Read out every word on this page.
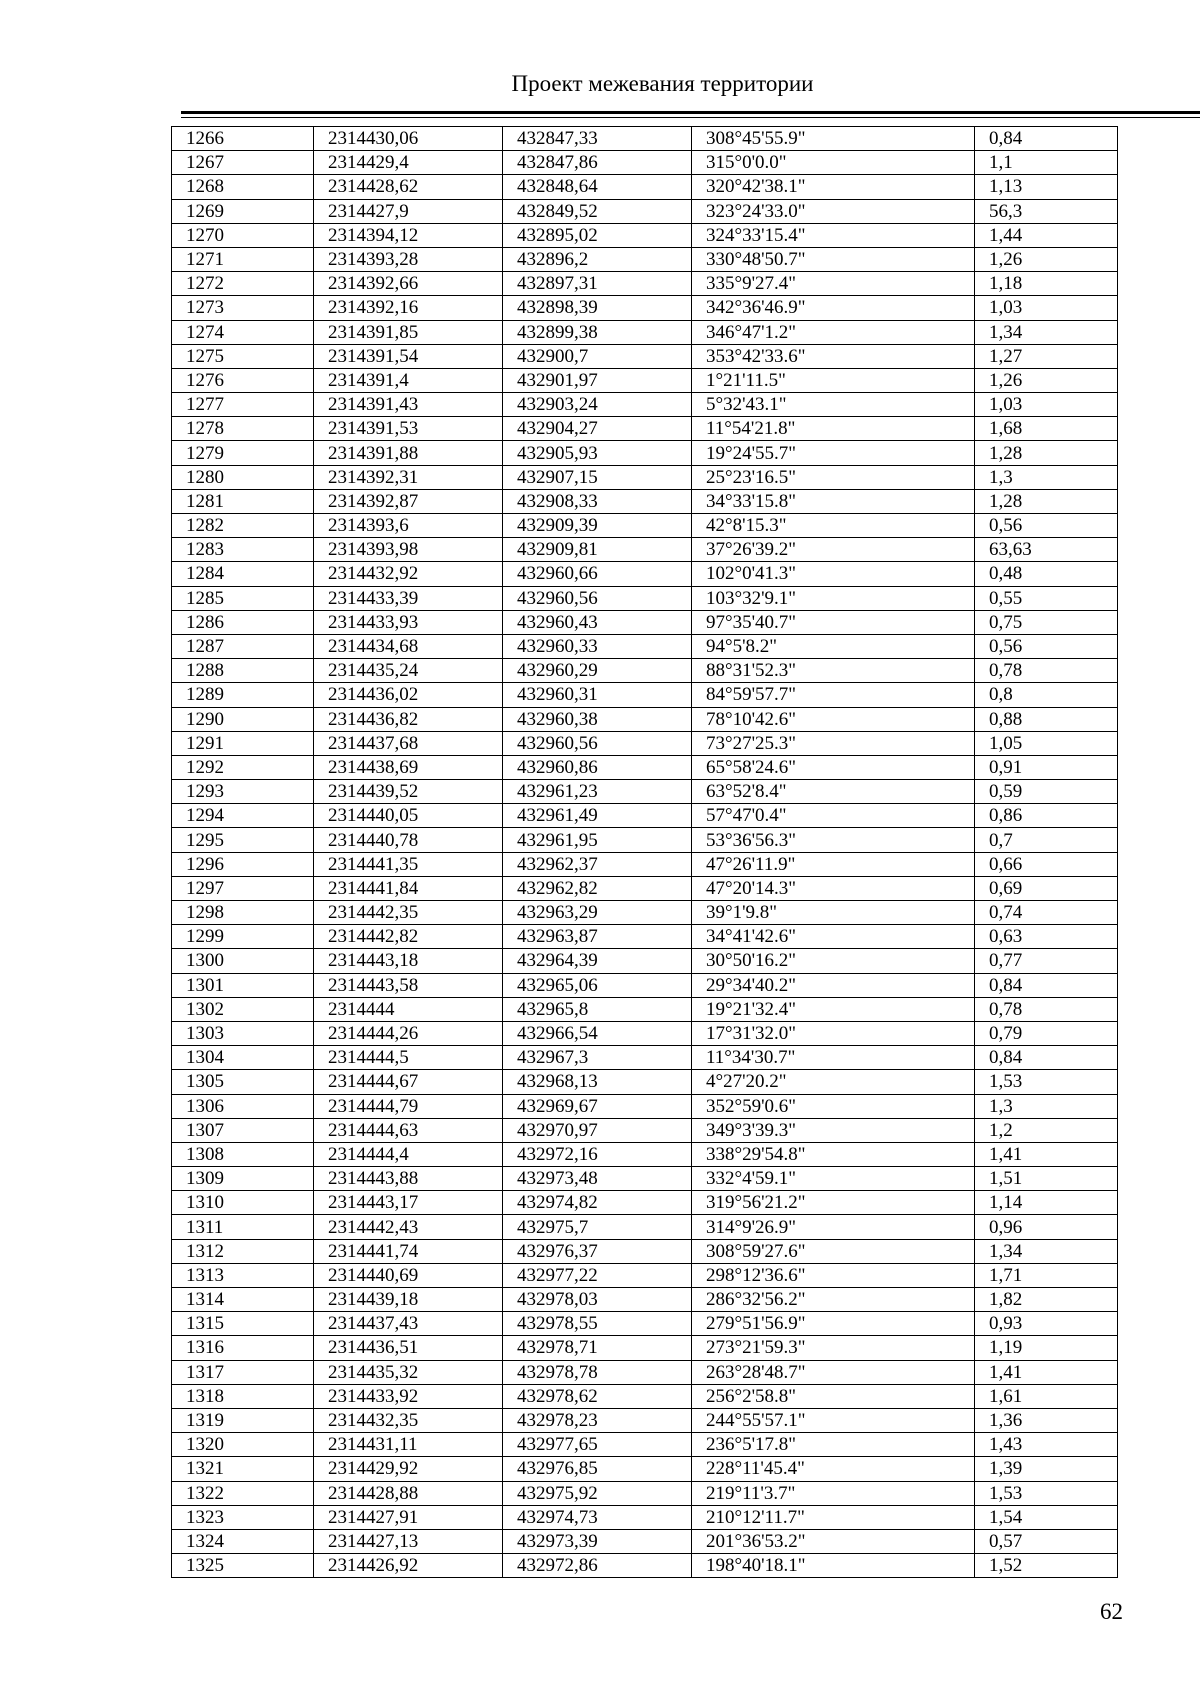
Проект межевания территории
1266	2314430,06	432847,33	308°45'55.9"	0,84
1267	2314429,4	432847,86	315°0'0.0"	1,1
1268	2314428,62	432848,64	320°42'38.1"	1,13
1269	2314427,9	432849,52	323°24'33.0"	56,3
1270	2314394,12	432895,02	324°33'15.4"	1,44
1271	2314393,28	432896,2	330°48'50.7"	1,26
1272	2314392,66	432897,31	335°9'27.4"	1,18
1273	2314392,16	432898,39	342°36'46.9"	1,03
1274	2314391,85	432899,38	346°47'1.2"	1,34
1275	2314391,54	432900,7	353°42'33.6"	1,27
1276	2314391,4	432901,97	1°21'11.5"	1,26
1277	2314391,43	432903,24	5°32'43.1"	1,03
1278	2314391,53	432904,27	11°54'21.8"	1,68
1279	2314391,88	432905,93	19°24'55.7"	1,28
1280	2314392,31	432907,15	25°23'16.5"	1,3
1281	2314392,87	432908,33	34°33'15.8"	1,28
1282	2314393,6	432909,39	42°8'15.3"	0,56
1283	2314393,98	432909,81	37°26'39.2"	63,63
1284	2314432,92	432960,66	102°0'41.3"	0,48
1285	2314433,39	432960,56	103°32'9.1"	0,55
1286	2314433,93	432960,43	97°35'40.7"	0,75
1287	2314434,68	432960,33	94°5'8.2"	0,56
1288	2314435,24	432960,29	88°31'52.3"	0,78
1289	2314436,02	432960,31	84°59'57.7"	0,8
1290	2314436,82	432960,38	78°10'42.6"	0,88
1291	2314437,68	432960,56	73°27'25.3"	1,05
1292	2314438,69	432960,86	65°58'24.6"	0,91
1293	2314439,52	432961,23	63°52'8.4"	0,59
1294	2314440,05	432961,49	57°47'0.4"	0,86
1295	2314440,78	432961,95	53°36'56.3"	0,7
1296	2314441,35	432962,37	47°26'11.9"	0,66
1297	2314441,84	432962,82	47°20'14.3"	0,69
1298	2314442,35	432963,29	39°1'9.8"	0,74
1299	2314442,82	432963,87	34°41'42.6"	0,63
1300	2314443,18	432964,39	30°50'16.2"	0,77
1301	2314443,58	432965,06	29°34'40.2"	0,84
1302	2314444	432965,8	19°21'32.4"	0,78
1303	2314444,26	432966,54	17°31'32.0"	0,79
1304	2314444,5	432967,3	11°34'30.7"	0,84
1305	2314444,67	432968,13	4°27'20.2"	1,53
1306	2314444,79	432969,67	352°59'0.6"	1,3
1307	2314444,63	432970,97	349°3'39.3"	1,2
1308	2314444,4	432972,16	338°29'54.8"	1,41
1309	2314443,88	432973,48	332°4'59.1"	1,51
1310	2314443,17	432974,82	319°56'21.2"	1,14
1311	2314442,43	432975,7	314°9'26.9"	0,96
1312	2314441,74	432976,37	308°59'27.6"	1,34
1313	2314440,69	432977,22	298°12'36.6"	1,71
1314	2314439,18	432978,03	286°32'56.2"	1,82
1315	2314437,43	432978,55	279°51'56.9"	0,93
1316	2314436,51	432978,71	273°21'59.3"	1,19
1317	2314435,32	432978,78	263°28'48.7"	1,41
1318	2314433,92	432978,62	256°2'58.8"	1,61
1319	2314432,35	432978,23	244°55'57.1"	1,36
1320	2314431,11	432977,65	236°5'17.8"	1,43
1321	2314429,92	432976,85	228°11'45.4"	1,39
1322	2314428,88	432975,92	219°11'3.7"	1,53
1323	2314427,91	432974,73	210°12'11.7"	1,54
1324	2314427,13	432973,39	201°36'53.2"	0,57
1325	2314426,92	432972,86	198°40'18.1"	1,52
62
